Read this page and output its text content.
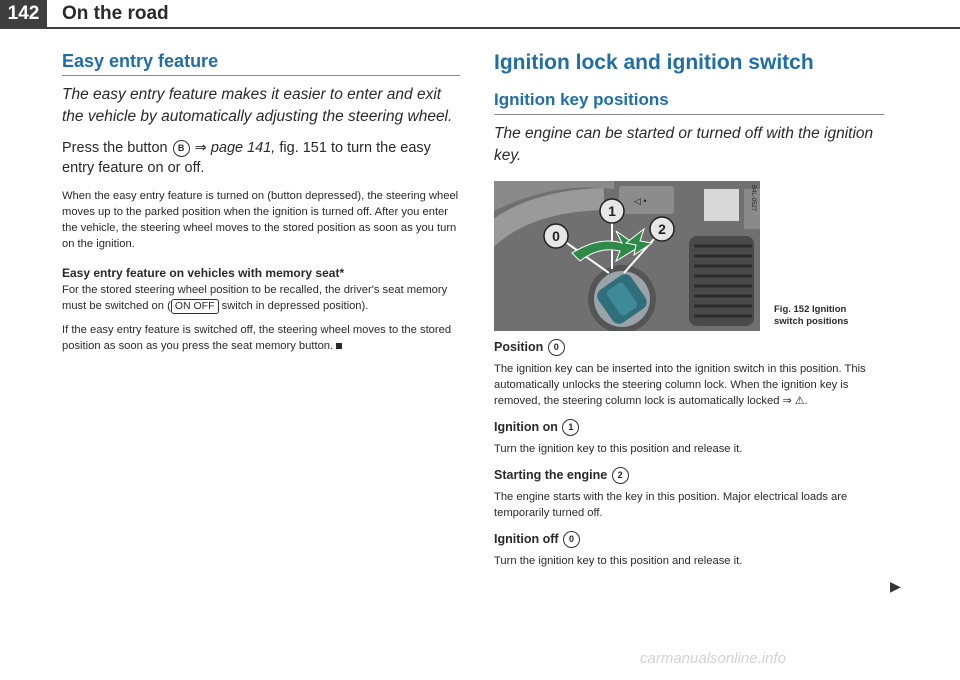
142	On the road
Easy entry feature

The easy entry feature makes it easier to enter and exit the vehicle by automatically adjusting the steering wheel.

Press the button B ⇒ page 141, fig. 151 to turn the easy entry feature on or off.

When the easy entry feature is turned on (button depressed), the steering wheel moves up to the parked position when the ignition is turned off. After you enter the vehicle, the steering wheel moves to the stored position as soon as you turn on the ignition.

Easy entry feature on vehicles with memory seat*

For the stored steering wheel position to be recalled, the driver's seat memory must be switched on ( ON OFF switch in depressed position).

If the easy entry feature is switched off, the steering wheel moves to the stored position as soon as you press the seat memory button.

Ignition lock and ignition switch
Ignition key positions

The engine can be started or turned off with the ignition key.

◁ •
0
1
2
B4L-0527
Fig. 152 Ignition
switch positions

Position 0

The ignition key can be inserted into the ignition switch in this position. This automatically unlocks the steering column lock. When the ignition key is removed, the steering column lock is automatically locked ⇒ ⚠.

Ignition on 1

Turn the ignition key to this position and release it.

Starting the engine 2

The engine starts with the key in this position. Major electrical loads are temporarily turned off.

Ignition off 0

Turn the ignition key to this position and release it.

▶
carmanualsonline.info
